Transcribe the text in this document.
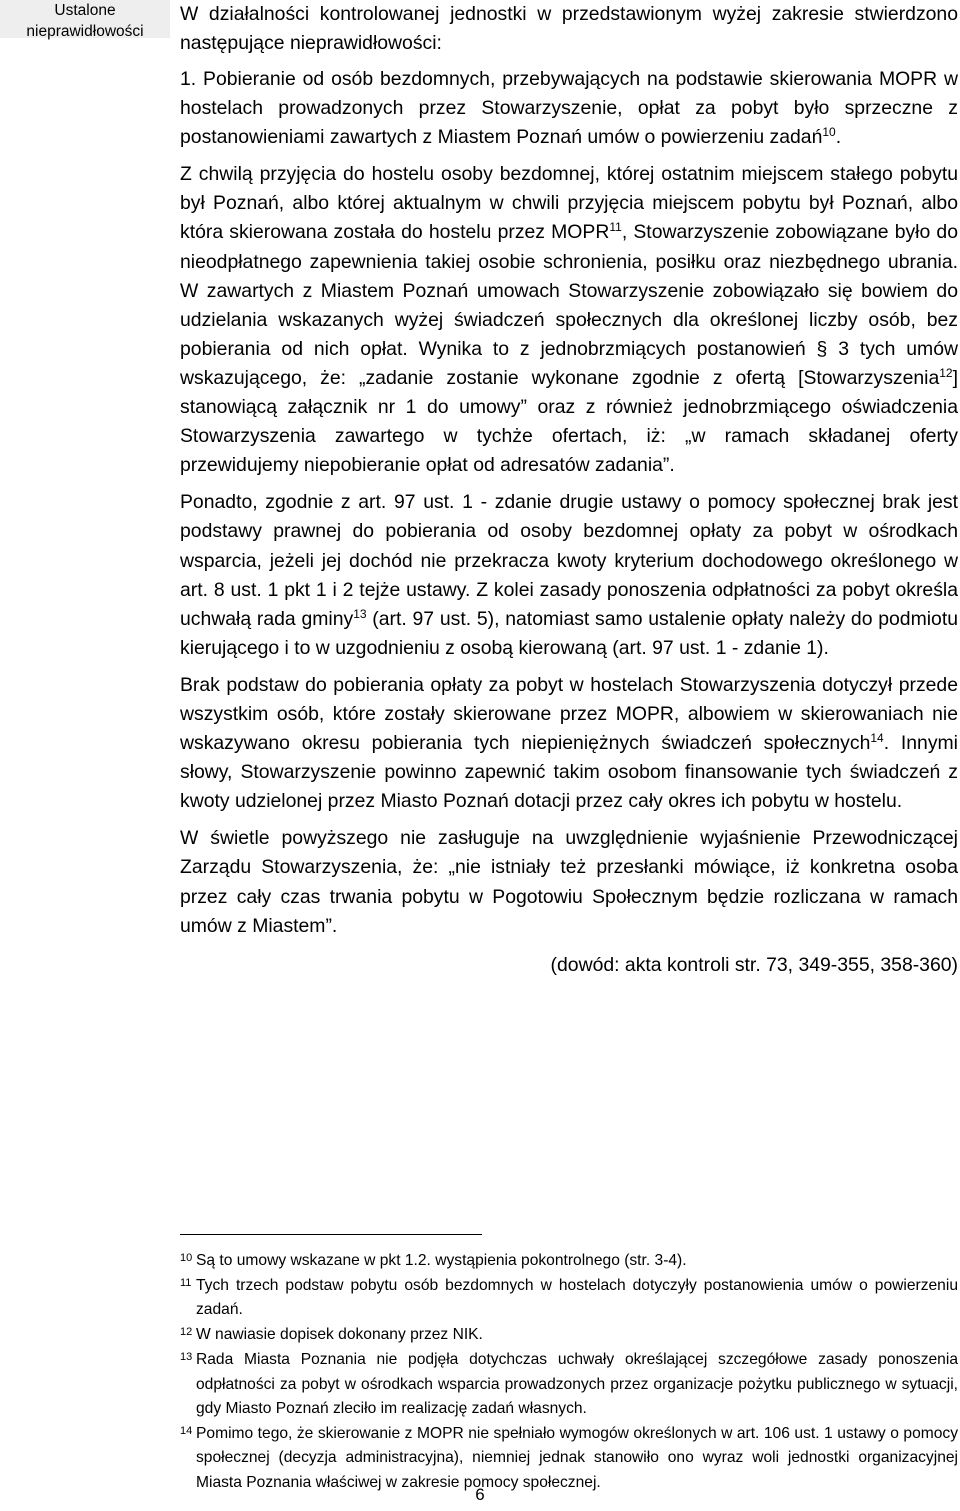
Ustalone
nieprawidłowości

W działalności kontrolowanej jednostki w przedstawionym wyżej zakresie stwierdzono następujące nieprawidłowości:

1. Pobieranie od osób bezdomnych, przebywających na podstawie skierowania MOPR w hostelach prowadzonych przez Stowarzyszenie, opłat za pobyt było sprzeczne z postanowieniami zawartych z Miastem Poznań umów o powierzeniu zadań$^{10}$.

Z chwilą przyjęcia do hostelu osoby bezdomnej, której ostatnim miejscem stałego pobytu był Poznań, albo której aktualnym w chwili przyjęcia miejscem pobytu był Poznań, albo która skierowana została do hostelu przez MOPR$^{11}$, Stowarzyszenie zobowiązane było do nieodpłatnego zapewnienia takiej osobie schronienia, posiłku oraz niezbędnego ubrania. W zawartych z Miastem Poznań umowach Stowarzyszenie zobowiązało się bowiem do udzielania wskazanych wyżej świadczeń społecznych dla określonej liczby osób, bez pobierania od nich opłat. Wynika to z jednobrzmiących postanowień § 3 tych umów wskazującego, że: „zadanie zostanie wykonane zgodnie z ofertą [Stowarzyszenia$^{12}$] stanowiącą załącznik nr 1 do umowy” oraz z również jednobrzmiącego oświadczenia Stowarzyszenia zawartego w tychże ofertach, iż: „w ramach składanej oferty przewidujemy niepobieranie opłat od adresatów zadania”.

Ponadto, zgodnie z art. 97 ust. 1 - zdanie drugie ustawy o pomocy społecznej brak jest podstawy prawnej do pobierania od osoby bezdomnej opłaty za pobyt w ośrodkach wsparcia, jeżeli jej dochód nie przekracza kwoty kryterium dochodowego określonego w art. 8 ust. 1 pkt 1 i 2 tejże ustawy. Z kolei zasady ponoszenia odpłatności za pobyt określa uchwałą rada gminy$^{13}$ (art. 97 ust. 5), natomiast samo ustalenie opłaty należy do podmiotu kierującego i to w uzgodnieniu z osobą kierowaną (art. 97 ust. 1 - zdanie 1).

Brak podstaw do pobierania opłaty za pobyt w hostelach Stowarzyszenia dotyczył przede wszystkim osób, które zostały skierowane przez MOPR, albowiem w skierowaniach nie wskazywano okresu pobierania tych niepieniężnych świadczeń społecznych$^{14}$. Innymi słowy, Stowarzyszenie powinno zapewnić takim osobom finansowanie tych świadczeń z kwoty udzielonej przez Miasto Poznań dotacji przez cały okres ich pobytu w hostelu.

W świetle powyższego nie zasługuje na uwzględnienie wyjaśnienie Przewodniczącej Zarządu Stowarzyszenia, że: „nie istniały też przesłanki mówiące, iż konkretna osoba przez cały czas trwania pobytu w Pogotowiu Społecznym będzie rozliczana w ramach umów z Miastem”.

(dowód: akta kontroli str. 73, 349-355, 358-360)

10 Są to umowy wskazane w pkt 1.2. wystąpienia pokontrolnego (str. 3-4).

11 Tych trzech podstaw pobytu osób bezdomnych w hostelach dotyczyły postanowienia umów o powierzeniu zadań.

12 W nawiasie dopisek dokonany przez NIK.

13 Rada Miasta Poznania nie podjęła dotychczas uchwały określającej szczegółowe zasady ponoszenia odpłatności za pobyt w ośrodkach wsparcia prowadzonych przez organizacje pożytku publicznego w sytuacji, gdy Miasto Poznań zleciło im realizację zadań własnych.

14 Pomimo tego, że skierowanie z MOPR nie spełniało wymogów określonych w art. 106 ust. 1 ustawy o pomocy społecznej (decyzja administracyjna), niemniej jednak stanowiło ono wyraz woli jednostki organizacyjnej Miasta Poznania właściwej w zakresie pomocy społecznej.

6
